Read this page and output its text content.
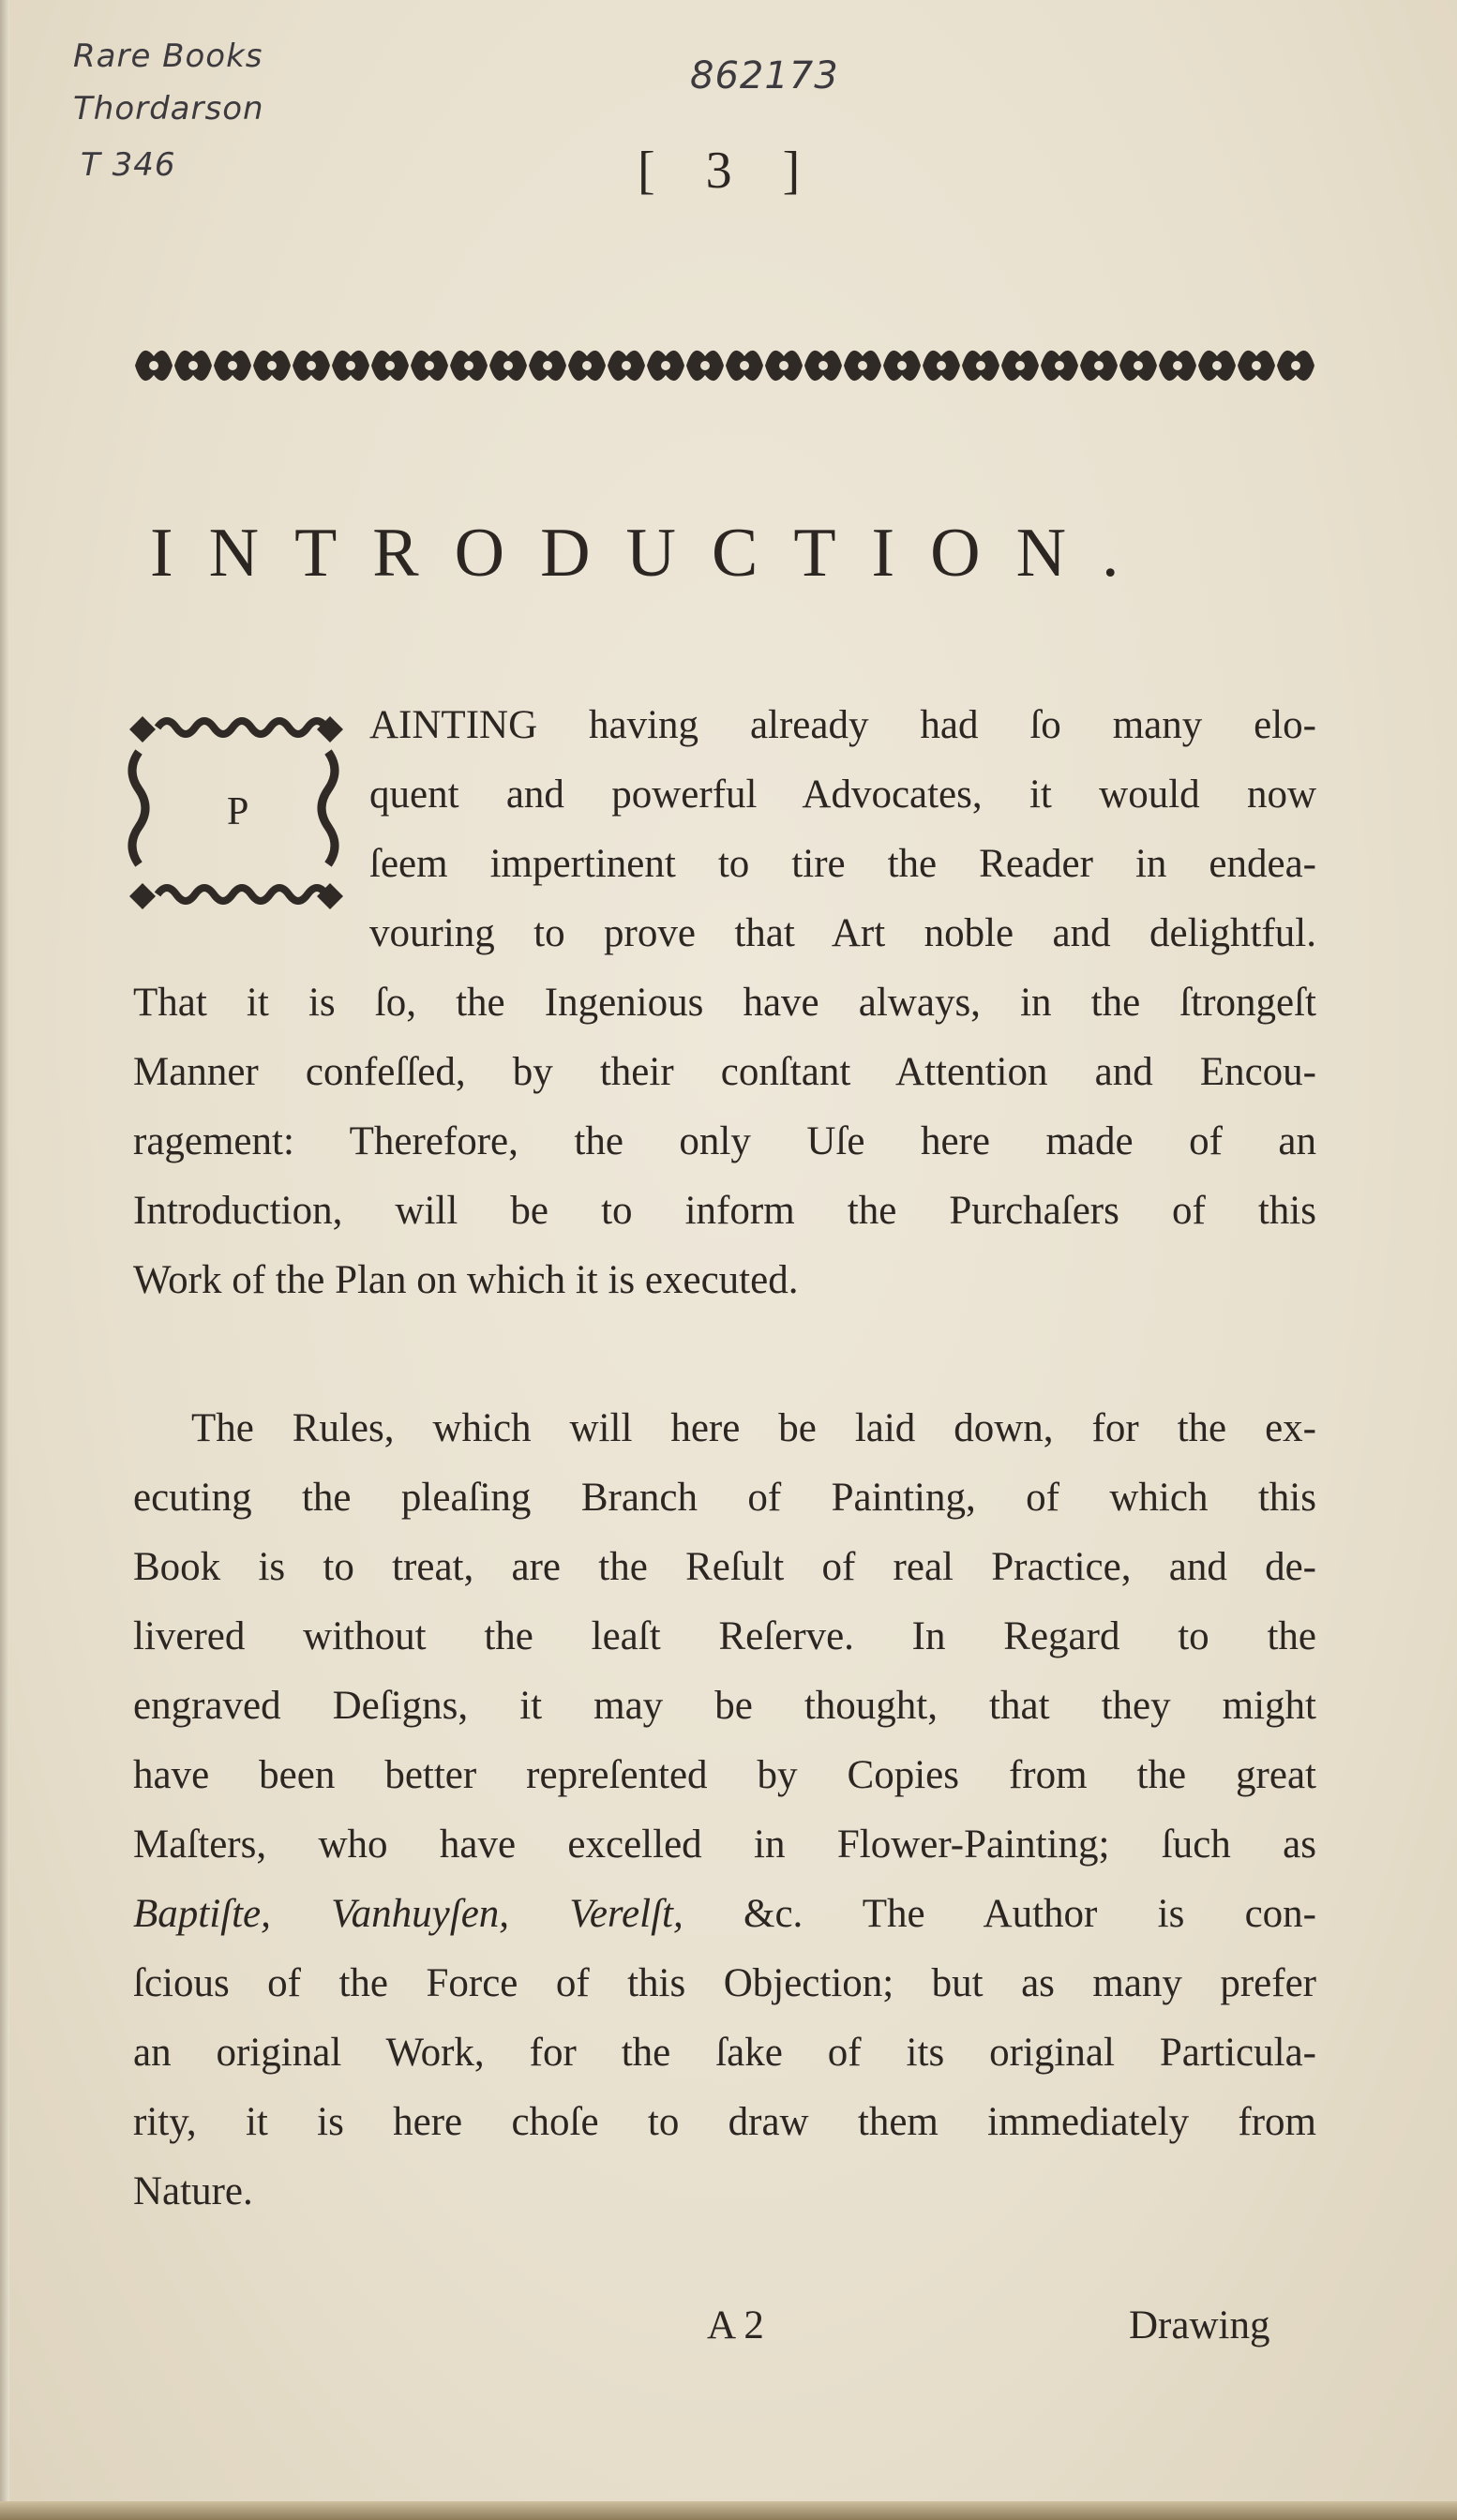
Rare Books
Thordarson
T 346
862173
[ 3 ]
INTRODUCTION.
P
AINTING having already had ſo many elo-
quent and powerful Advocates, it would now
ſeem impertinent to tire the Reader in endea-
vouring to prove that Art noble and delightful.
That it is ſo, the Ingenious have always, in the ſtrongeſt
Manner confeſſed, by their conſtant Attention and Encou-
ragement: Therefore, the only Uſe here made of an
Introduction, will be to inform the Purchaſers of this
Work of the Plan on which it is executed.
The Rules, which will here be laid down, for the ex-
ecuting the pleaſing Branch of Painting, of which this
Book is to treat, are the Reſult of real Practice, and de-
livered without the leaſt Reſerve. In Regard to the
engraved Deſigns, it may be thought, that they might
have been better repreſented by Copies from the great
Maſters, who have excelled in Flower-Painting; ſuch as
Baptiſte, Vanhuyſen, Verelſt, &c. The Author is con-
ſcious of the Force of this Objection; but as many prefer
an original Work, for the ſake of its original Particula-
rity, it is here choſe to draw them immediately from
Nature.
A 2	Drawing
